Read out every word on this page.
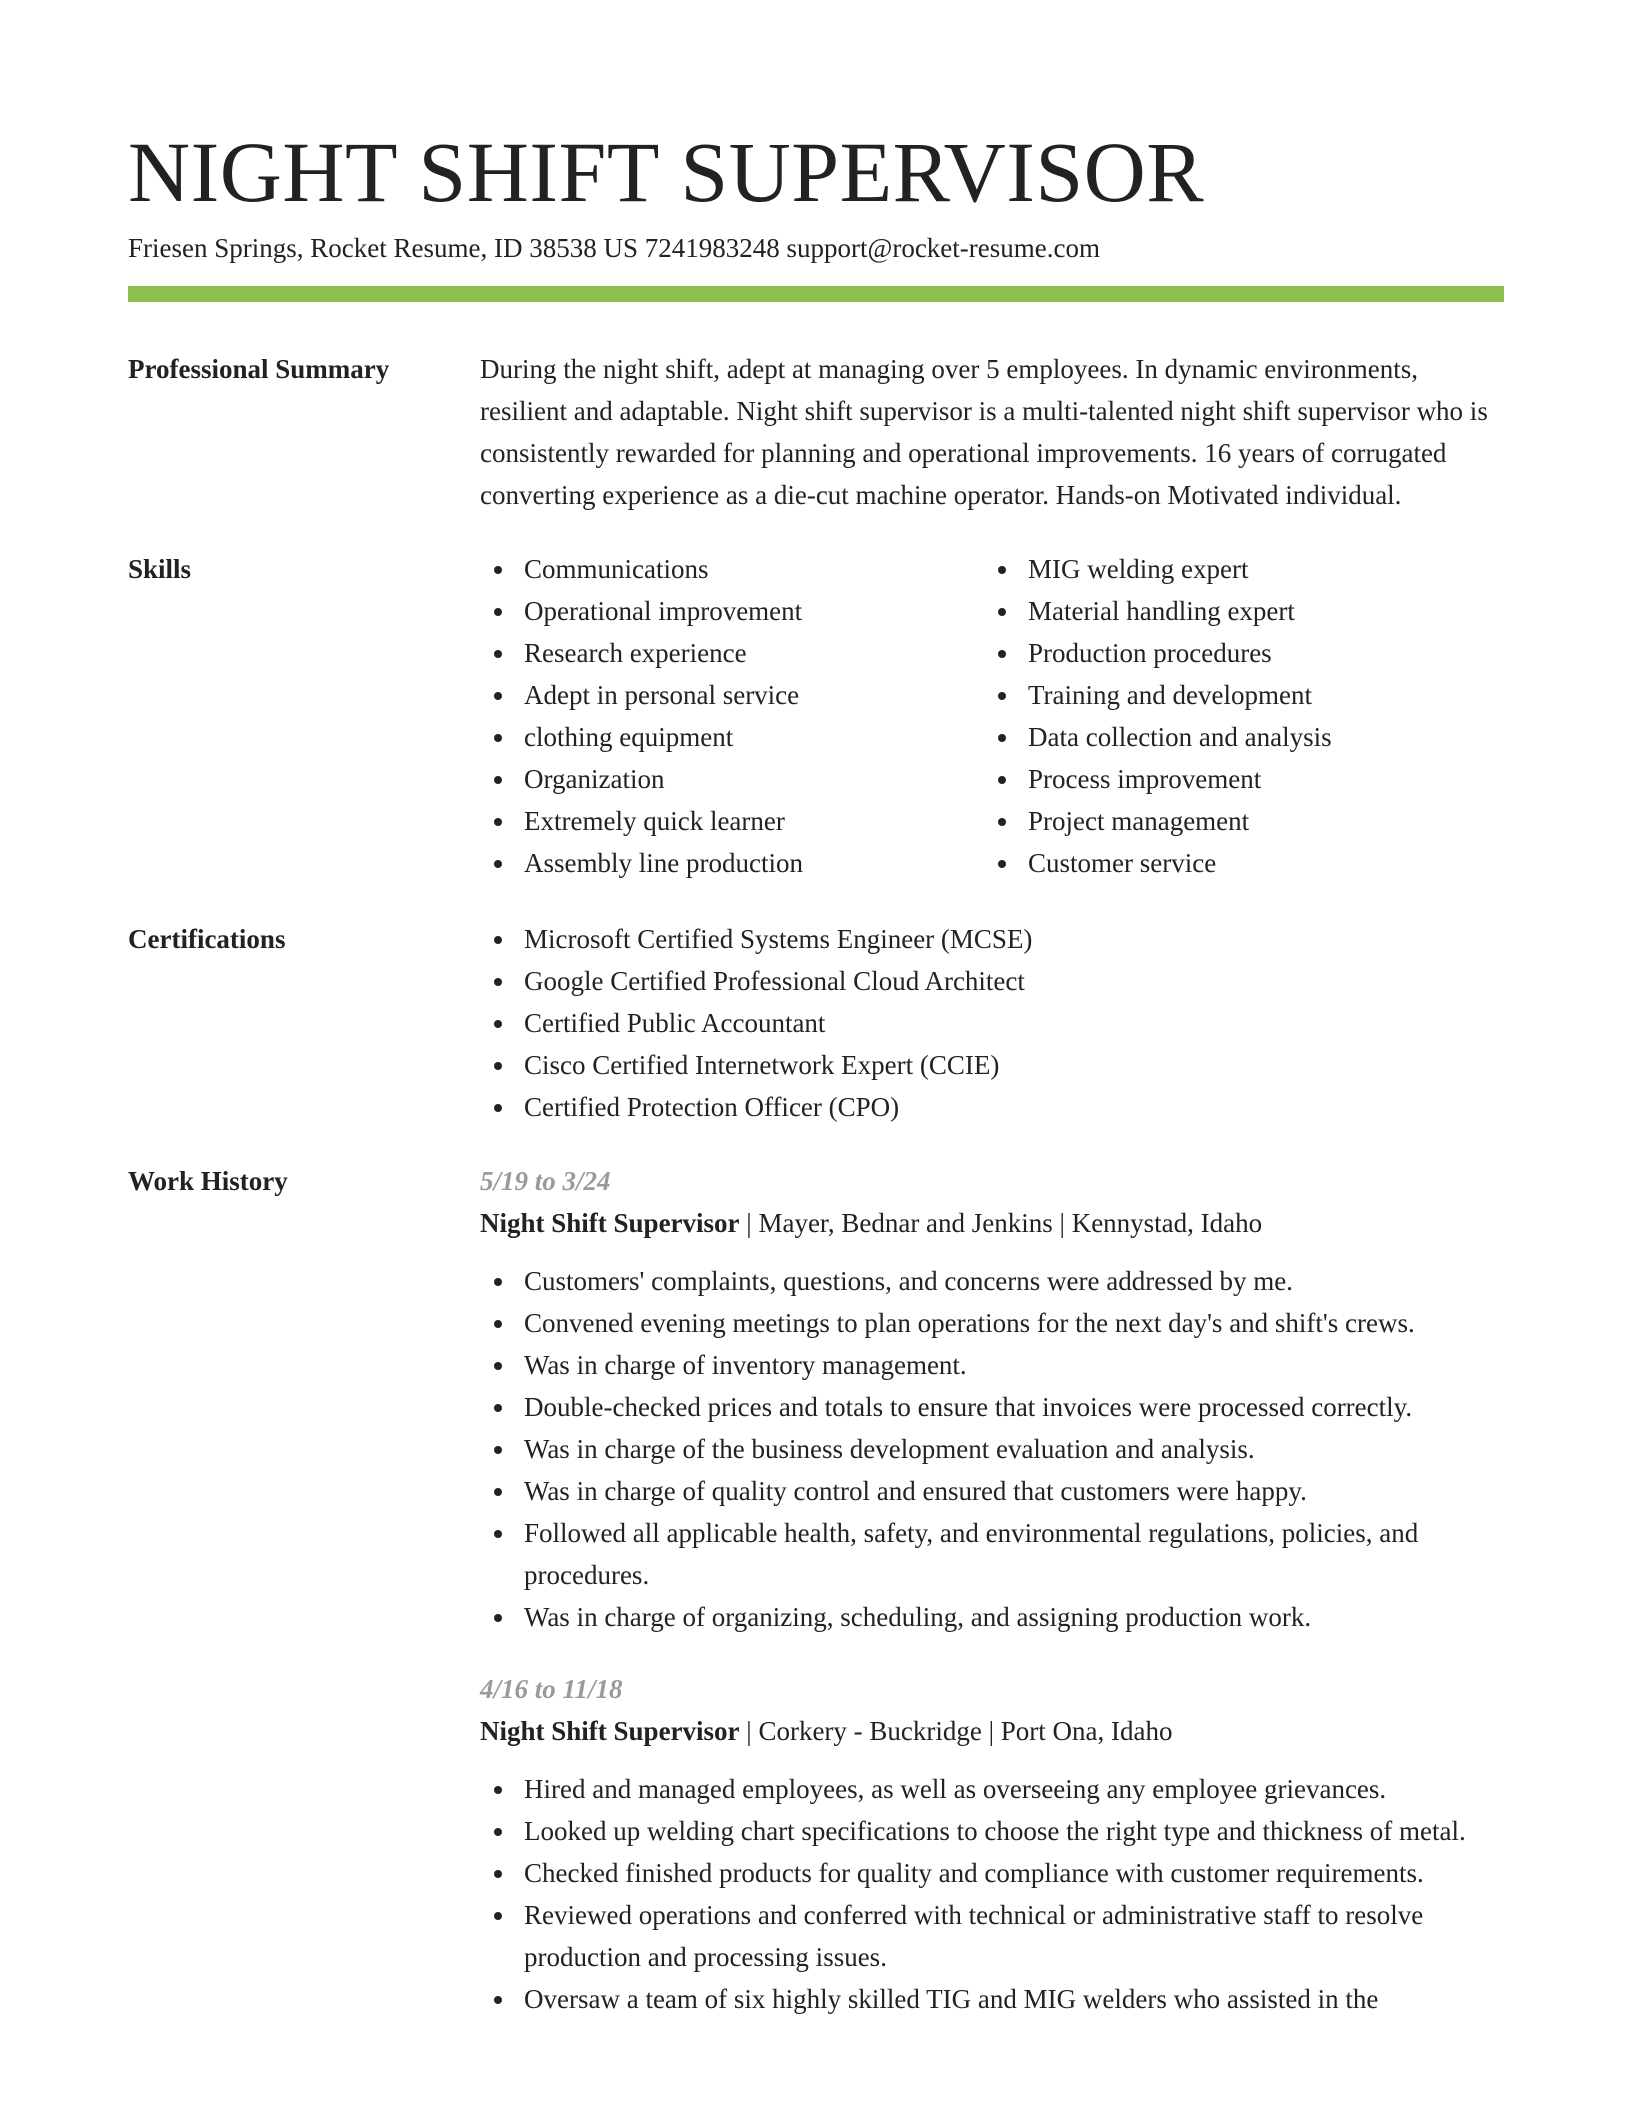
NIGHT SHIFT SUPERVISOR
Friesen Springs, Rocket Resume, ID 38538 US 7241983248 support@rocket-resume.com
Professional Summary	During the night shift, adept at managing over 5 employees. In dynamic environments, resilient and adaptable. Night shift supervisor is a multi-talented night shift supervisor who is consistently rewarded for planning and operational improvements. 16 years of corrugated converting experience as a die-cut machine operator. Hands-on Motivated individual.
Skills	Communications
Operational improvement
Research experience
Adept in personal service
clothing equipment
Organization
Extremely quick learner
Assembly line production
MIG welding expert
Material handling expert
Production procedures
Training and development
Data collection and analysis
Process improvement
Project management
Customer service
Certifications	Microsoft Certified Systems Engineer (MCSE)
Google Certified Professional Cloud Architect
Certified Public Accountant
Cisco Certified Internetwork Expert (CCIE)
Certified Protection Officer (CPO)
Work History	5/19 to 3/24
Night Shift Supervisor | Mayer, Bednar and Jenkins | Kennystad, Idaho
Customers' complaints, questions, and concerns were addressed by me.
Convened evening meetings to plan operations for the next day's and shift's crews.
Was in charge of inventory management.
Double-checked prices and totals to ensure that invoices were processed correctly.
Was in charge of the business development evaluation and analysis.
Was in charge of quality control and ensured that customers were happy.
Followed all applicable health, safety, and environmental regulations, policies, and procedures.
Was in charge of organizing, scheduling, and assigning production work.
4/16 to 11/18
Night Shift Supervisor | Corkery - Buckridge | Port Ona, Idaho
Hired and managed employees, as well as overseeing any employee grievances.
Looked up welding chart specifications to choose the right type and thickness of metal.
Checked finished products for quality and compliance with customer requirements.
Reviewed operations and conferred with technical or administrative staff to resolve production and processing issues.
Oversaw a team of six highly skilled TIG and MIG welders who assisted in the
